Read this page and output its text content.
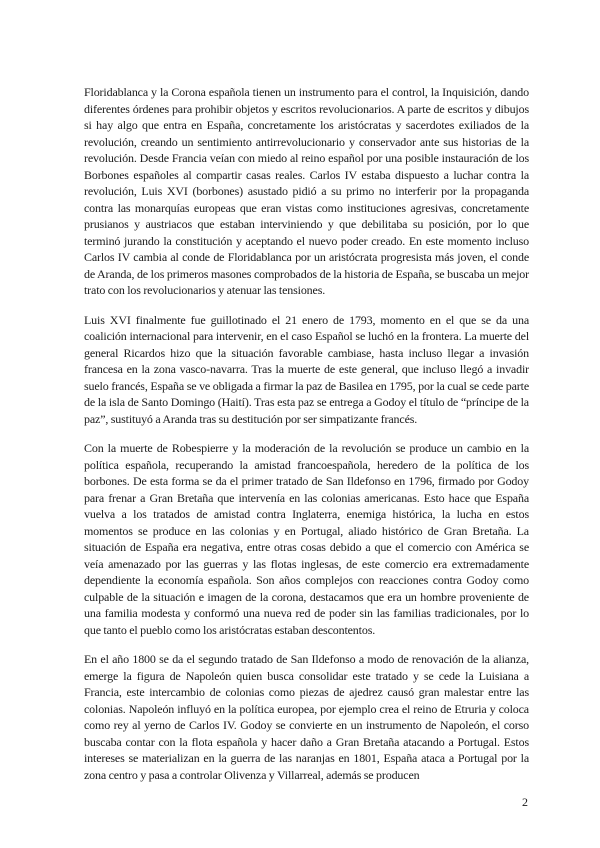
Floridablanca y la Corona española tienen un instrumento para el control, la Inquisición, dando diferentes órdenes para prohibir objetos y escritos revolucionarios. A parte de escritos y dibujos si hay algo que entra en España, concretamente los aristócratas y sacerdotes exiliados de la revolución, creando un sentimiento antirrevolucionario y conservador ante sus historias de la revolución. Desde Francia veían con miedo al reino español por una posible instauración de los Borbones españoles al compartir casas reales. Carlos IV estaba dispuesto a luchar contra la revolución, Luis XVI (borbones) asustado pidió a su primo no interferir por la propaganda contra las monarquías europeas que eran vistas como instituciones agresivas, concretamente prusianos y austriacos que estaban interviniendo y que debilitaba su posición, por lo que terminó jurando la constitución y aceptando el nuevo poder creado. En este momento incluso Carlos IV cambia al conde de Floridablanca por un aristócrata progresista más joven, el conde de Aranda, de los primeros masones comprobados de la historia de España, se buscaba un mejor trato con los revolucionarios y atenuar las tensiones.

Luis XVI finalmente fue guillotinado el 21 enero de 1793, momento en el que se da una coalición internacional para intervenir, en el caso Español se luchó en la frontera. La muerte del general Ricardos hizo que la situación favorable cambiase, hasta incluso llegar a invasión francesa en la zona vasco-navarra. Tras la muerte de este general, que incluso llegó a invadir suelo francés, España se ve obligada a firmar la paz de Basilea en 1795, por la cual se cede parte de la isla de Santo Domingo (Haití). Tras esta paz se entrega a Godoy el título de “príncipe de la paz”, sustituyó a Aranda tras su destitución por ser simpatizante francés.

Con la muerte de Robespierre y la moderación de la revolución se produce un cambio en la política española, recuperando la amistad francoespañola, heredero de la política de los borbones. De esta forma se da el primer tratado de San Ildefonso en 1796, firmado por Godoy para frenar a Gran Bretaña que intervenía en las colonias americanas. Esto hace que España vuelva a los tratados de amistad contra Inglaterra, enemiga histórica, la lucha en estos momentos se produce en las colonias y en Portugal, aliado histórico de Gran Bretaña. La situación de España era negativa, entre otras cosas debido a que el comercio con América se veía amenazado por las guerras y las flotas inglesas, de este comercio era extremadamente dependiente la economía española. Son años complejos con reacciones contra Godoy como culpable de la situación e imagen de la corona, destacamos que era un hombre proveniente de una familia modesta y conformó una nueva red de poder sin las familias tradicionales, por lo que tanto el pueblo como los aristócratas estaban descontentos.

En el año 1800 se da el segundo tratado de San Ildefonso a modo de renovación de la alianza, emerge la figura de Napoleón quien busca consolidar este tratado y se cede la Luisiana a Francia, este intercambio de colonias como piezas de ajedrez causó gran malestar entre las colonias. Napoleón influyó en la política europea, por ejemplo crea el reino de Etruria y coloca como rey al yerno de Carlos IV. Godoy se convierte en un instrumento de Napoleón, el corso buscaba contar con la flota española y hacer daño a Gran Bretaña atacando a Portugal. Estos intereses se materializan en la guerra de las naranjas en 1801, España ataca a Portugal por la zona centro y pasa a controlar Olivenza y Villarreal, además se producen

2
